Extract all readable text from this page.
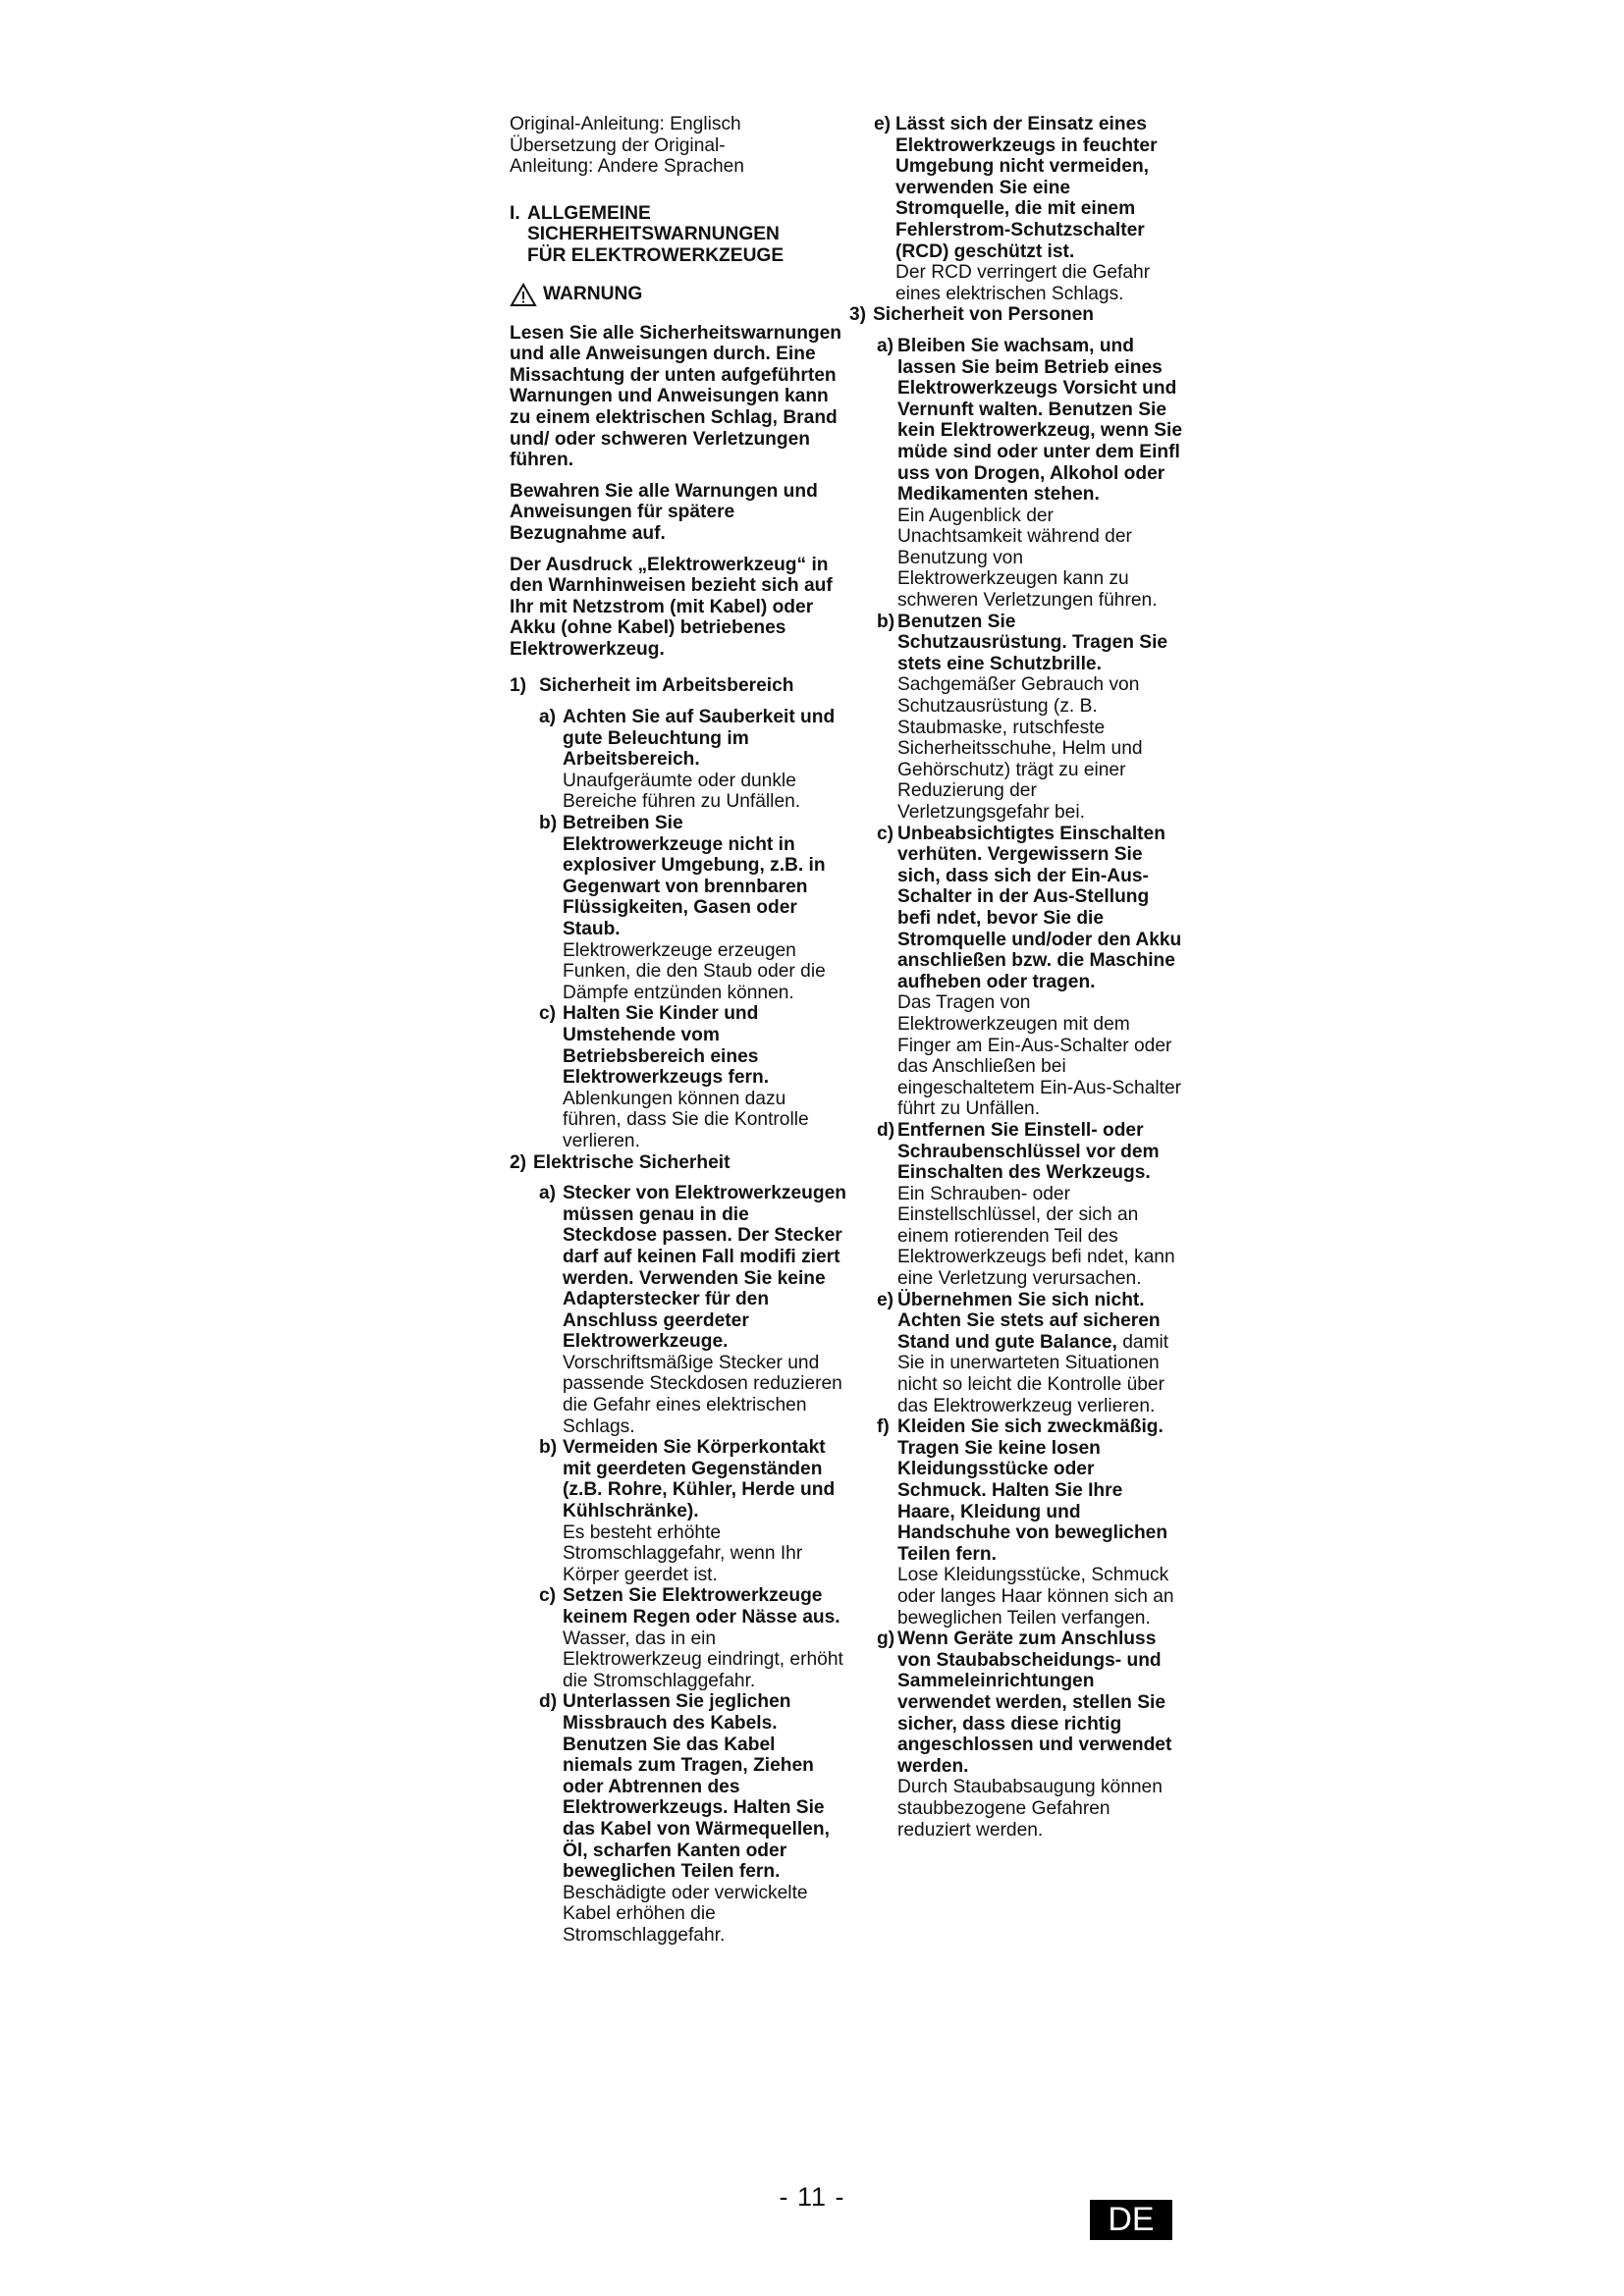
Original-Anleitung: Englisch

Übersetzung der Original-

Anleitung: Andere Sprachen

I. ALLGEMEINE
SICHERHEITSWARNUNGEN
FÜR ELEKTROWERKZEUGE

WARNUNG

Lesen Sie alle Sicherheitswarnungen und alle Anweisungen durch. Eine Missachtung der unten aufgeführten Warnungen und Anweisungen kann zu einem elektrischen Schlag, Brand und/ oder schweren Verletzungen führen.

Bewahren Sie alle Warnungen und Anweisungen für spätere Bezugnahme auf.

Der Ausdruck „Elektrowerkzeug“ in den Warnhinweisen bezieht sich auf Ihr mit Netzstrom (mit Kabel) oder Akku (ohne Kabel) betriebenes Elektrowerkzeug.

1) Sicherheit im Arbeitsbereich
a) Achten Sie auf Sauberkeit und gute Beleuchtung im Arbeitsbereich.
Unaufgeräumte oder dunkle Bereiche führen zu Unfällen.
b) Betreiben Sie Elektrowerkzeuge nicht in explosiver Umgebung, z.B. in Gegenwart von brennbaren Flüssigkeiten, Gasen oder Staub.
Elektrowerkzeuge erzeugen Funken, die den Staub oder die Dämpfe entzünden können.
c) Halten Sie Kinder und Umstehende vom Betriebsbereich eines Elektrowerkzeugs fern.
Ablenkungen können dazu führen, dass Sie die Kontrolle verlieren.
2) Elektrische Sicherheit
a) Stecker von Elektrowerkzeugen müssen genau in die Steckdose passen. Der Stecker darf auf keinen Fall modifi ziert werden. Verwenden Sie keine Adapterstecker für den Anschluss geerdeter Elektrowerkzeuge.
Vorschriftsmäßige Stecker und passende Steckdosen reduzieren die Gefahr eines elektrischen Schlags.
b) Vermeiden Sie Körperkontakt mit geerdeten Gegenständen (z.B. Rohre, Kühler, Herde und Kühlschränke).
Es besteht erhöhte Stromschlaggefahr, wenn Ihr Körper geerdet ist.
c) Setzen Sie Elektrowerkzeuge keinem Regen oder Nässe aus.
Wasser, das in ein Elektrowerkzeug eindringt, erhöht die Stromschlaggefahr.
d) Unterlassen Sie jeglichen Missbrauch des Kabels. Benutzen Sie das Kabel niemals zum Tragen, Ziehen oder Abtrennen des Elektrowerkzeugs. Halten Sie das Kabel von Wärmequellen, Öl, scharfen Kanten oder beweglichen Teilen fern.
Beschädigte oder verwickelte Kabel erhöhen die Stromschlaggefahr.
e) Lässt sich der Einsatz eines Elektrowerkzeugs in feuchter Umgebung nicht vermeiden, verwenden Sie eine Stromquelle, die mit einem Fehlerstrom-Schutzschalter (RCD) geschützt ist.
Der RCD verringert die Gefahr eines elektrischen Schlags.
3) Sicherheit von Personen
a) Bleiben Sie wachsam, und lassen Sie beim Betrieb eines Elektrowerkzeugs Vorsicht und Vernunft walten. Benutzen Sie kein Elektrowerkzeug, wenn Sie müde sind oder unter dem Einfl uss von Drogen, Alkohol oder Medikamenten stehen.
Ein Augenblick der Unachtsamkeit während der Benutzung von Elektrowerkzeugen kann zu schweren Verletzungen führen.
b) Benutzen Sie Schutzausrüstung. Tragen Sie stets eine Schutzbrille.
Sachgemäßer Gebrauch von Schutzausrüstung (z. B. Staubmaske, rutschfeste Sicherheitsschuhe, Helm und Gehörschutz) trägt zu einer Reduzierung der Verletzungsgefahr bei.
c) Unbeabsichtigtes Einschalten verhüten. Vergewissern Sie sich, dass sich der Ein-Aus-Schalter in der Aus-Stellung befi ndet, bevor Sie die Stromquelle und/oder den Akku anschließen bzw. die Maschine aufheben oder tragen.
Das Tragen von Elektrowerkzeugen mit dem Finger am Ein-Aus-Schalter oder das Anschließen bei eingeschaltetem Ein-Aus-Schalter führt zu Unfällen.
d) Entfernen Sie Einstell- oder Schraubenschlüssel vor dem Einschalten des Werkzeugs.
Ein Schrauben- oder Einstellschlüssel, der sich an einem rotierenden Teil des Elektrowerkzeugs befi ndet, kann eine Verletzung verursachen.
e) Übernehmen Sie sich nicht. Achten Sie stets auf sicheren Stand und gute Balance, damit Sie in unerwarteten Situationen nicht so leicht die Kontrolle über das Elektrowerkzeug verlieren.
f) Kleiden Sie sich zweckmäßig. Tragen Sie keine losen Kleidungsstücke oder Schmuck. Halten Sie Ihre Haare, Kleidung und Handschuhe von beweglichen Teilen fern.
Lose Kleidungsstücke, Schmuck oder langes Haar können sich an beweglichen Teilen verfangen.
g) Wenn Geräte zum Anschluss von Staubabscheidungs- und Sammeleinrichtungen verwendet werden, stellen Sie sicher, dass diese richtig angeschlossen und verwendet werden.
Durch Staubabsaugung können staubbezogene Gefahren reduziert werden.
- 11 -
DE
